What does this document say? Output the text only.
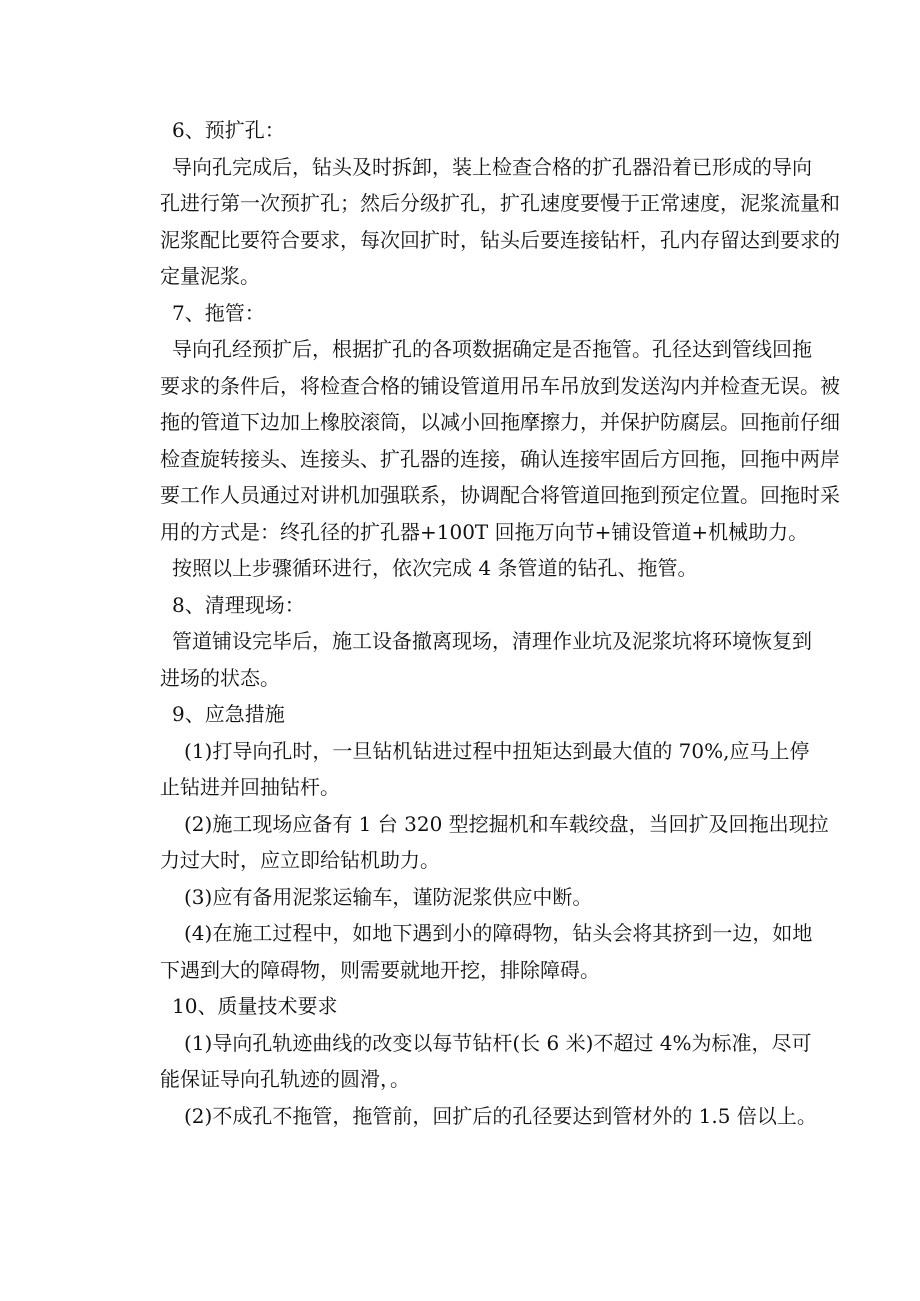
6、预扩孔：

导向孔完成后，钻头及时拆卸，装上检查合格的扩孔器沿着已形成的导向
孔进行第一次预扩孔；然后分级扩孔，扩孔速度要慢于正常速度，泥浆流量和
泥浆配比要符合要求，每次回扩时，钻头后要连接钻杆，孔内存留达到要求的
定量泥浆。

7、拖管：

导向孔经预扩后，根据扩孔的各项数据确定是否拖管。孔径达到管线回拖
要求的条件后，将检查合格的铺设管道用吊车吊放到发送沟内并检查无误。被
拖的管道下边加上橡胶滚筒，以减小回拖摩擦力，并保护防腐层。回拖前仔细
检查旋转接头、连接头、扩孔器的连接，确认连接牢固后方回拖，回拖中两岸
要工作人员通过对讲机加强联系，协调配合将管道回拖到预定位置。回拖时采
用的方式是：终孔径的扩孔器+100T 回拖万向节+铺设管道+机械助力。
按照以上步骤循环进行，依次完成 4 条管道的钻孔、拖管。

8、清理现场：

管道铺设完毕后，施工设备撤离现场，清理作业坑及泥浆坑将环境恢复到
进场的状态。

9、应急措施

(1)打导向孔时，一旦钻机钻进过程中扭矩达到最大值的 70%,应马上停
止钻进并回抽钻杆。
(2)施工现场应备有 1 台 320 型挖掘机和车载绞盘，当回扩及回拖出现拉
力过大时，应立即给钻机助力。
(3)应有备用泥浆运输车，谨防泥浆供应中断。
(4)在施工过程中，如地下遇到小的障碍物，钻头会将其挤到一边，如地
下遇到大的障碍物，则需要就地开挖，排除障碍。

10、质量技术要求

(1)导向孔轨迹曲线的改变以每节钻杆(长 6 米)不超过 4%为标准，尽可
能保证导向孔轨迹的圆滑，。
(2)不成孔不拖管，拖管前，回扩后的孔径要达到管材外的 1.5 倍以上。
